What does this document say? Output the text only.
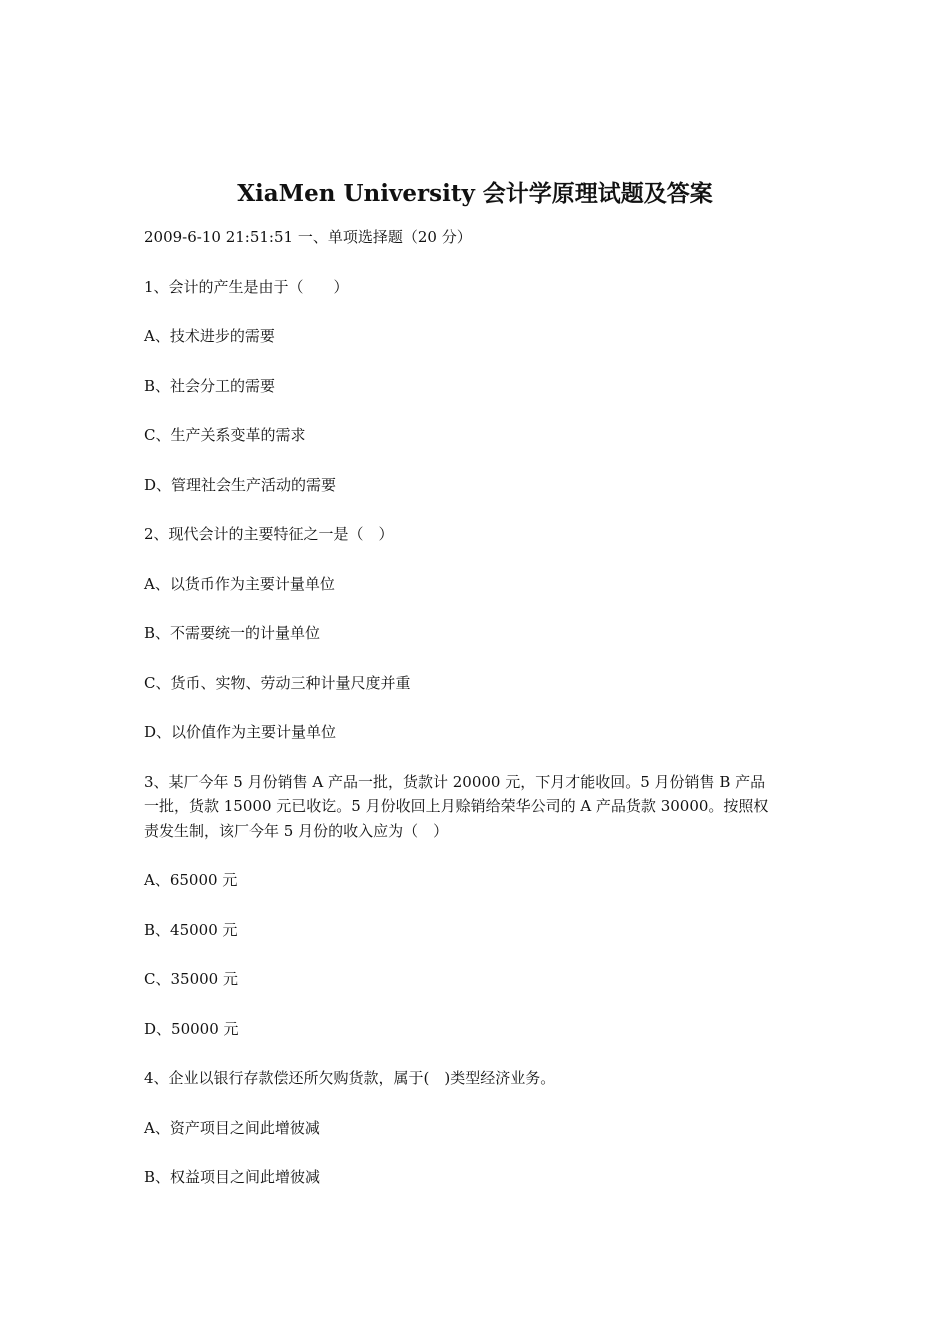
XiaMen University 会计学原理试题及答案

2009-6-10 21:51:51 一、单项选择题（20 分）

1、会计的产生是由于（　　）

A、技术进步的需要

B、社会分工的需要

C、生产关系变革的需求

D、管理社会生产活动的需要

2、现代会计的主要特征之一是（　）

A、以货币作为主要计量单位

B、不需要统一的计量单位

C、货币、实物、劳动三种计量尺度并重

D、以价值作为主要计量单位

3、某厂今年 5 月份销售 A 产品一批，货款计 20000 元，下月才能收回。5 月份销售 B 产品
一批，货款 15000 元已收讫。5 月份收回上月赊销给荣华公司的 A 产品货款 30000。按照权
责发生制，该厂今年 5 月份的收入应为（　）

A、65000 元

B、45000 元

C、35000 元

D、50000 元

4、企业以银行存款偿还所欠购货款，属于(　)类型经济业务。

A、资产项目之间此增彼减

B、权益项目之间此增彼减
